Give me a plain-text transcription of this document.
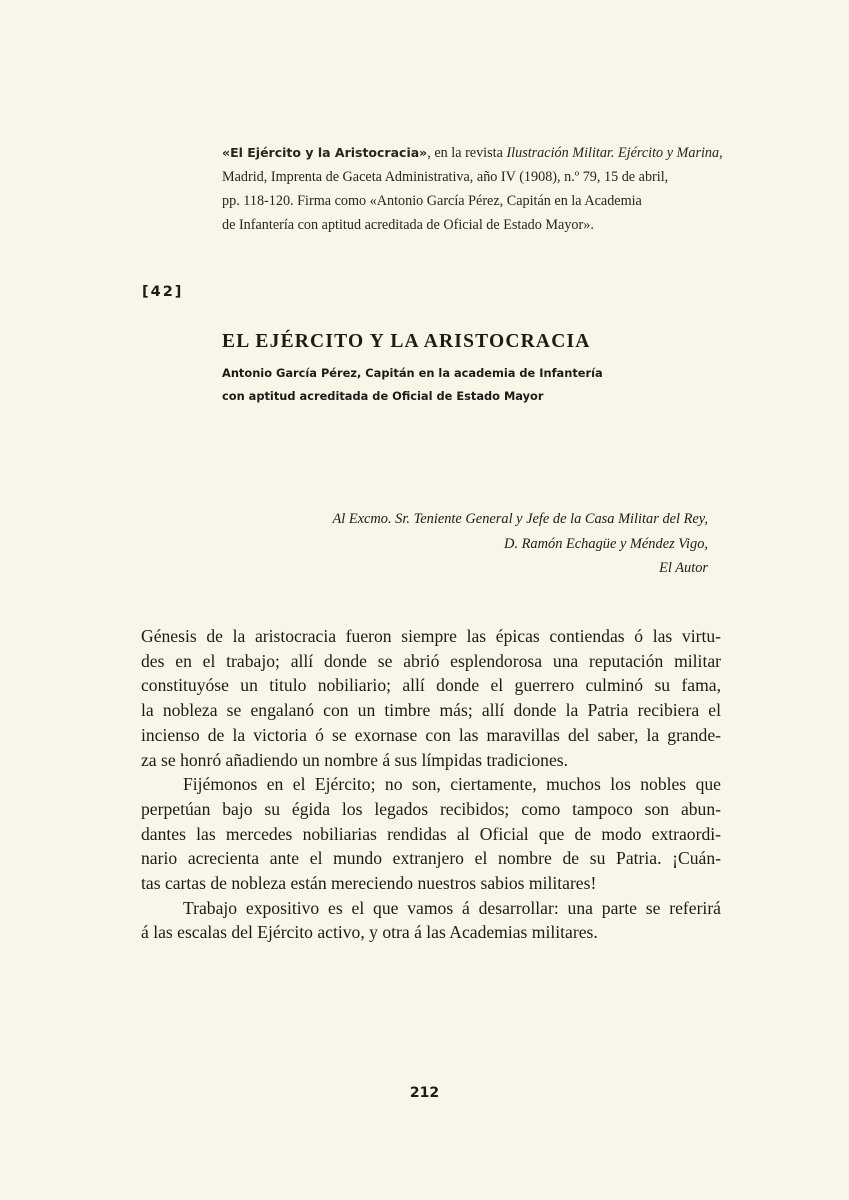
«El Ejército y la Aristocracia», en la revista Ilustración Militar. Ejército y Marina,
Madrid, Imprenta de Gaceta Administrativa, año IV (1908), n.º 79, 15 de abril,
pp. 118-120. Firma como «Antonio García Pérez, Capitán en la Academia
de Infantería con aptitud acreditada de Oficial de Estado Mayor».
[42]
EL EJÉRCITO Y LA ARISTOCRACIA
Antonio García Pérez, Capitán en la academia de Infantería
con aptitud acreditada de Oficial de Estado Mayor
Al Excmo. Sr. Teniente General y Jefe de la Casa Militar del Rey,
D. Ramón Echagüe y Méndez Vigo,
El Autor
Génesis de la aristocracia fueron siempre las épicas contiendas ó las virtu-
des en el trabajo; allí donde se abrió esplendorosa una reputación militar
constituyóse un titulo nobiliario; allí donde el guerrero culminó su fama,
la nobleza se engalanó con un timbre más; allí donde la Patria recibiera el
incienso de la victoria ó se exornase con las maravillas del saber, la grande-
za se honró añadiendo un nombre á sus límpidas tradiciones.
Fijémonos en el Ejército; no son, ciertamente, muchos los nobles que
perpetúan bajo su égida los legados recibidos; como tampoco son abun-
dantes las mercedes nobiliarias rendidas al Oficial que de modo extraordi-
nario acrecienta ante el mundo extranjero el nombre de su Patria. ¡Cuán-
tas cartas de nobleza están mereciendo nuestros sabios militares!
Trabajo expositivo es el que vamos á desarrollar: una parte se referirá
á las escalas del Ejército activo, y otra á las Academias militares.
212
